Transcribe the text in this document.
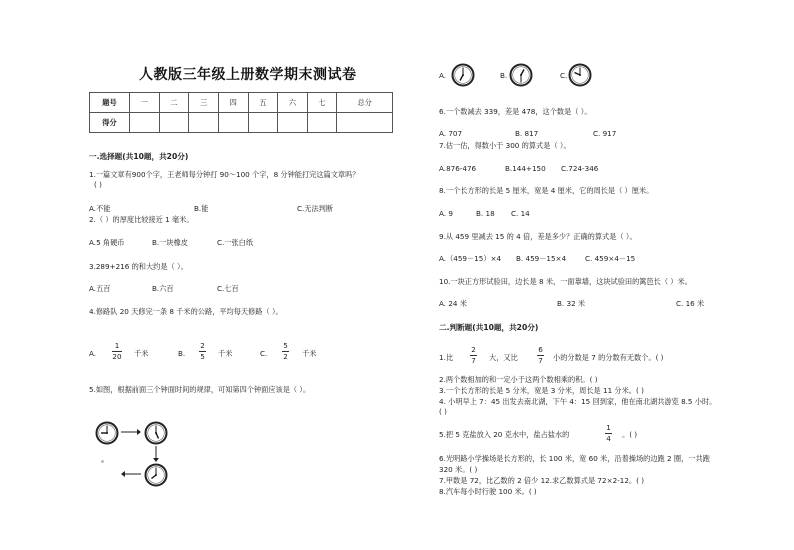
人教版三年级上册数学期末测试卷
题号	一	二	三	四	五	六	七	总分
得分								
一.选择题(共10题，共20分)
1.一篇文章有900个字，王老师每分钟打 90～100 个字，8 分钟能打完这篇文章吗？
( )
A.不能	B.能	C.无法判断
2.（ ）的厚度比较接近 1 毫米。
A.5 角硬币	B.一块橡皮	C.一张白纸
3.289+216 的和大约是（ ）。
A.五百	B.六百	C.七百
4.修路队 20 天修完一条 8 千米的公路，平均每天修路（ ）。
A.
1
20 千米	B.
2
5 千米	C.
5
2 千米
5.如图，根据前面三个钟面时间的规律，可知第四个钟面应该是（ ）。
A.	B.	C.
6.一个数减去 339，差是 478，这个数是（ ）。
A. 707	B. 817	C. 917
7.估一估，得数小于 300 的算式是（ ）。
A.876-476	B.144+150 C.724-346
8.一个长方形的长是 5 厘米，宽是 4 厘米，它的周长是（ ）厘米。
A. 9	B. 18 C. 14
9.从 459 里减去 15 的 4 倍，差是多少？正确的算式是（ ）。
A.（459－15）×4 B. 459－15×4	C. 459×4－15
10.一块正方形试验田，边长是 8 米，一面靠墙，这块试验田的篱笆长（ ）米。
A. 24 米	B. 32 米	C. 16 米
二.判断题(共10题，共20分)
1.比
2
7 大，又比
6
7 小的分数是 7 的分数有无数个。( )
2.两个数相加的和一定小于这两个数相乘的积。( )
3.一个长方形的长是 5 分米，宽是 3 分米，周长是 11 分米。( )
4. 小明早上 7：45 出发去南北湖，下午 4：15 回到家，他在南北湖共游览 8.5 小时。
( )
5.把 5 克盐放入 20 克水中，盐占盐水的
1
4 。( )
6.光明路小学操场是长方形的，长 100 米，宽 60 米，沿着操场的边跑 2 圈，一共跑
320 米。( )
7.甲数是 72，比乙数的 2 倍少 12.求乙数算式是 72×2-12。( )
8.汽车每小时行驶 100 米。( )
